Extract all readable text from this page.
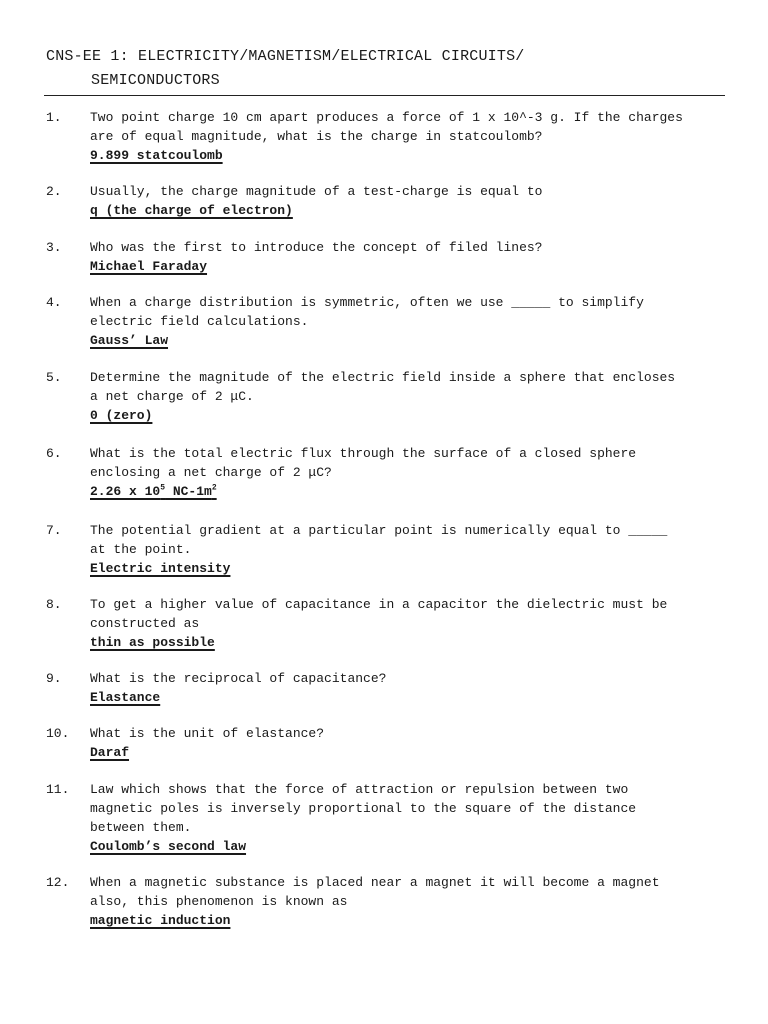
CNS-EE 1: ELECTRICITY/MAGNETISM/ELECTRICAL CIRCUITS/
SEMICONDUCTORS
1.	Two point charge 10 cm apart produces a force of 1 x 10^-3 g. If the charges
are of equal magnitude, what is the charge in statcoulomb?
9.899 statcoulomb
2.	Usually, the charge magnitude of a test-charge is equal to
q (the charge of electron)
3.	Who was the first to introduce the concept of filed lines?
Michael Faraday
4.	When a charge distribution is symmetric, often we use _____ to simplify
electric field calculations.
Gauss’ Law
5.	Determine the magnitude of the electric field inside a sphere that encloses
a net charge of 2 μC.
0 (zero)
6.	What is the total electric flux through the surface of a closed sphere
enclosing a net charge of 2 μC?
2.26 x $10^5$ $NC-1m^2$
7.	The potential gradient at a particular point is numerically equal to _____
at the point.
Electric intensity
8.	To get a higher value of capacitance in a capacitor the dielectric must be
constructed as
thin as possible
9.	What is the reciprocal of capacitance?
Elastance
10.	What is the unit of elastance?
Daraf
11.	Law which shows that the force of attraction or repulsion between two
magnetic poles is inversely proportional to the square of the distance
between them.
Coulomb’s second law
12.	When a magnetic substance is placed near a magnet it will become a magnet
also, this phenomenon is known as
magnetic induction
